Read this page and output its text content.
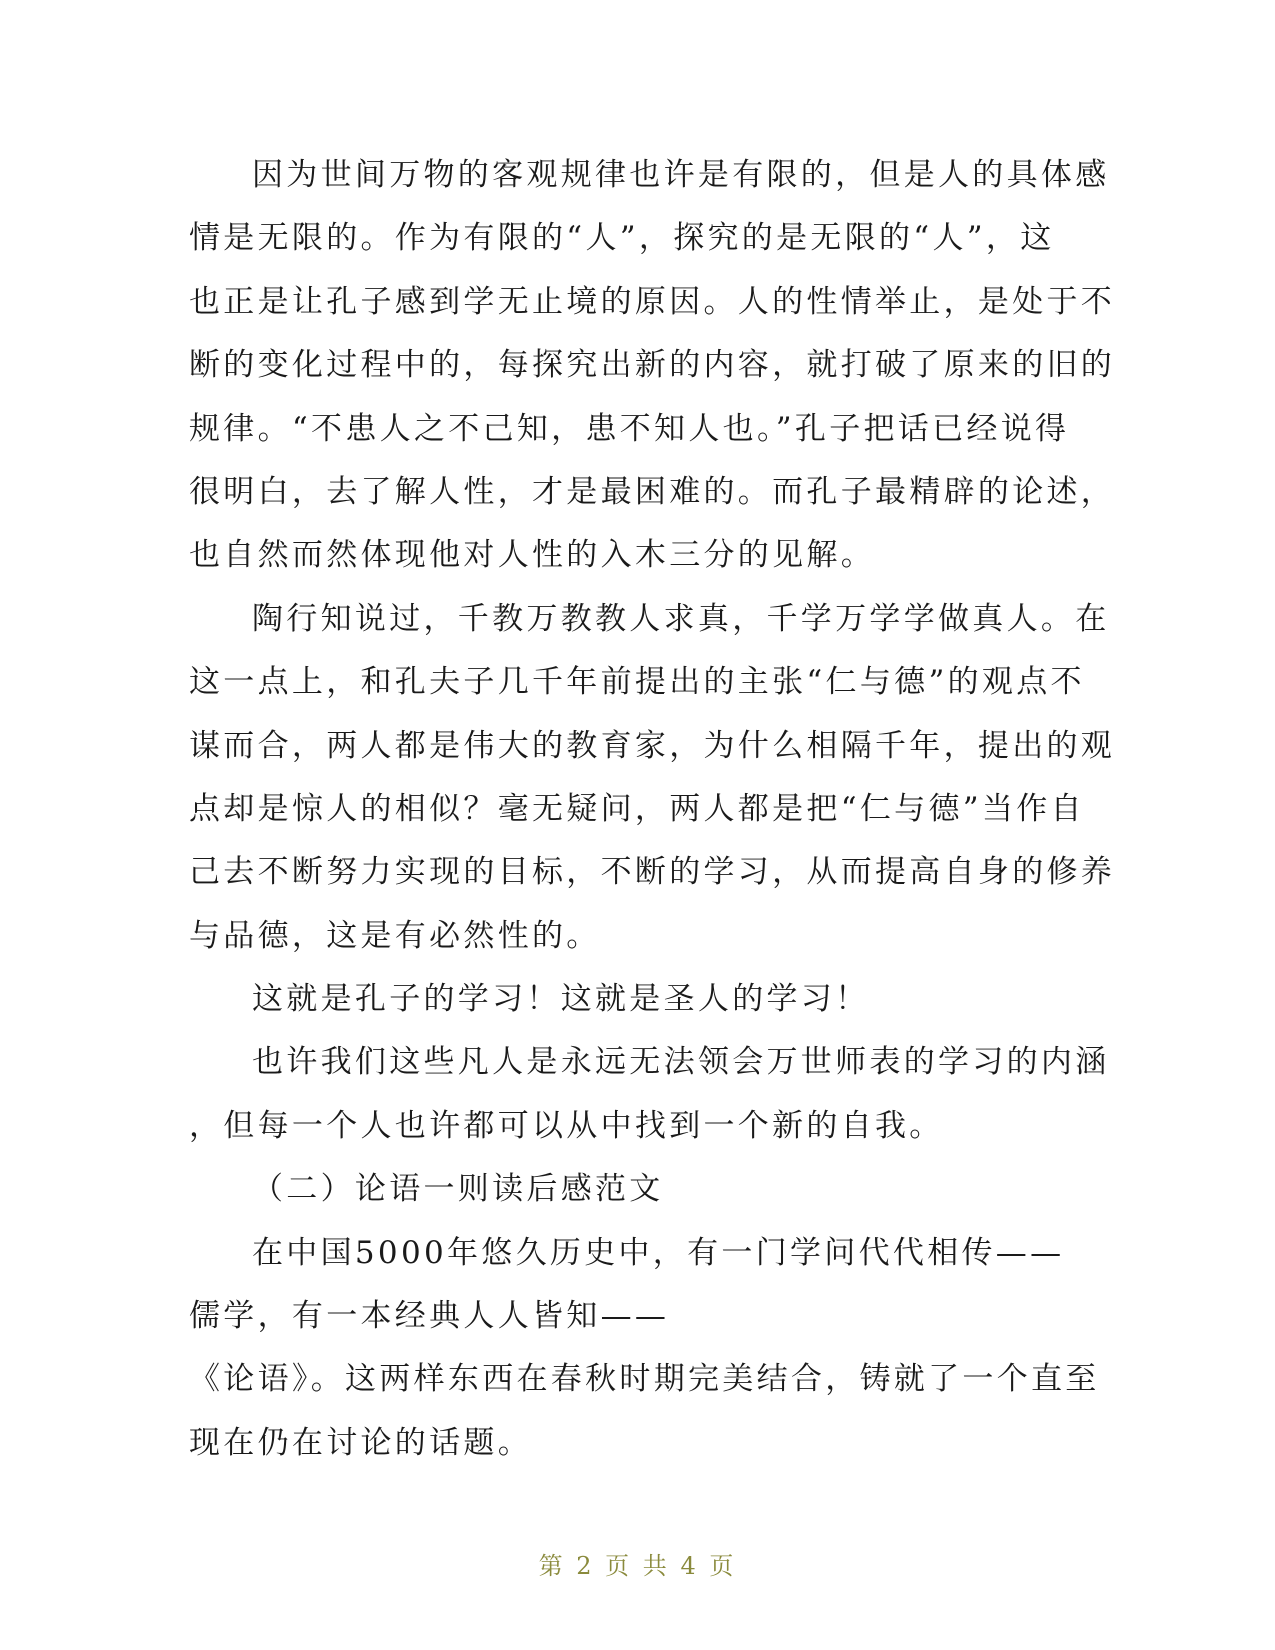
因为世间万物的客观规律也许是有限的，但是人的具体感
情是无限的。作为有限的“人”，探究的是无限的“人”，这
也正是让孔子感到学无止境的原因。人的性情举止，是处于不
断的变化过程中的，每探究出新的内容，就打破了原来的旧的
规律。“不患人之不己知，患不知人也。”孔子把话已经说得
很明白，去了解人性，才是最困难的。而孔子最精辟的论述，
也自然而然体现他对人性的入木三分的见解。
陶行知说过，千教万教教人求真，千学万学学做真人。在
这一点上，和孔夫子几千年前提出的主张“仁与德”的观点不
谋而合，两人都是伟大的教育家，为什么相隔千年，提出的观
点却是惊人的相似？毫无疑问，两人都是把“仁与德”当作自
己去不断努力实现的目标，不断的学习，从而提高自身的修养
与品德，这是有必然性的。
这就是孔子的学习！这就是圣人的学习！
也许我们这些凡人是永远无法领会万世师表的学习的内涵
，但每一个人也许都可以从中找到一个新的自我。
（二）论语一则读后感范文
在中国5000年悠久历史中，有一门学问代代相传——
儒学，有一本经典人人皆知——
《论语》。这两样东西在春秋时期完美结合，铸就了一个直至
现在仍在讨论的话题。
第 2 页 共 4 页
